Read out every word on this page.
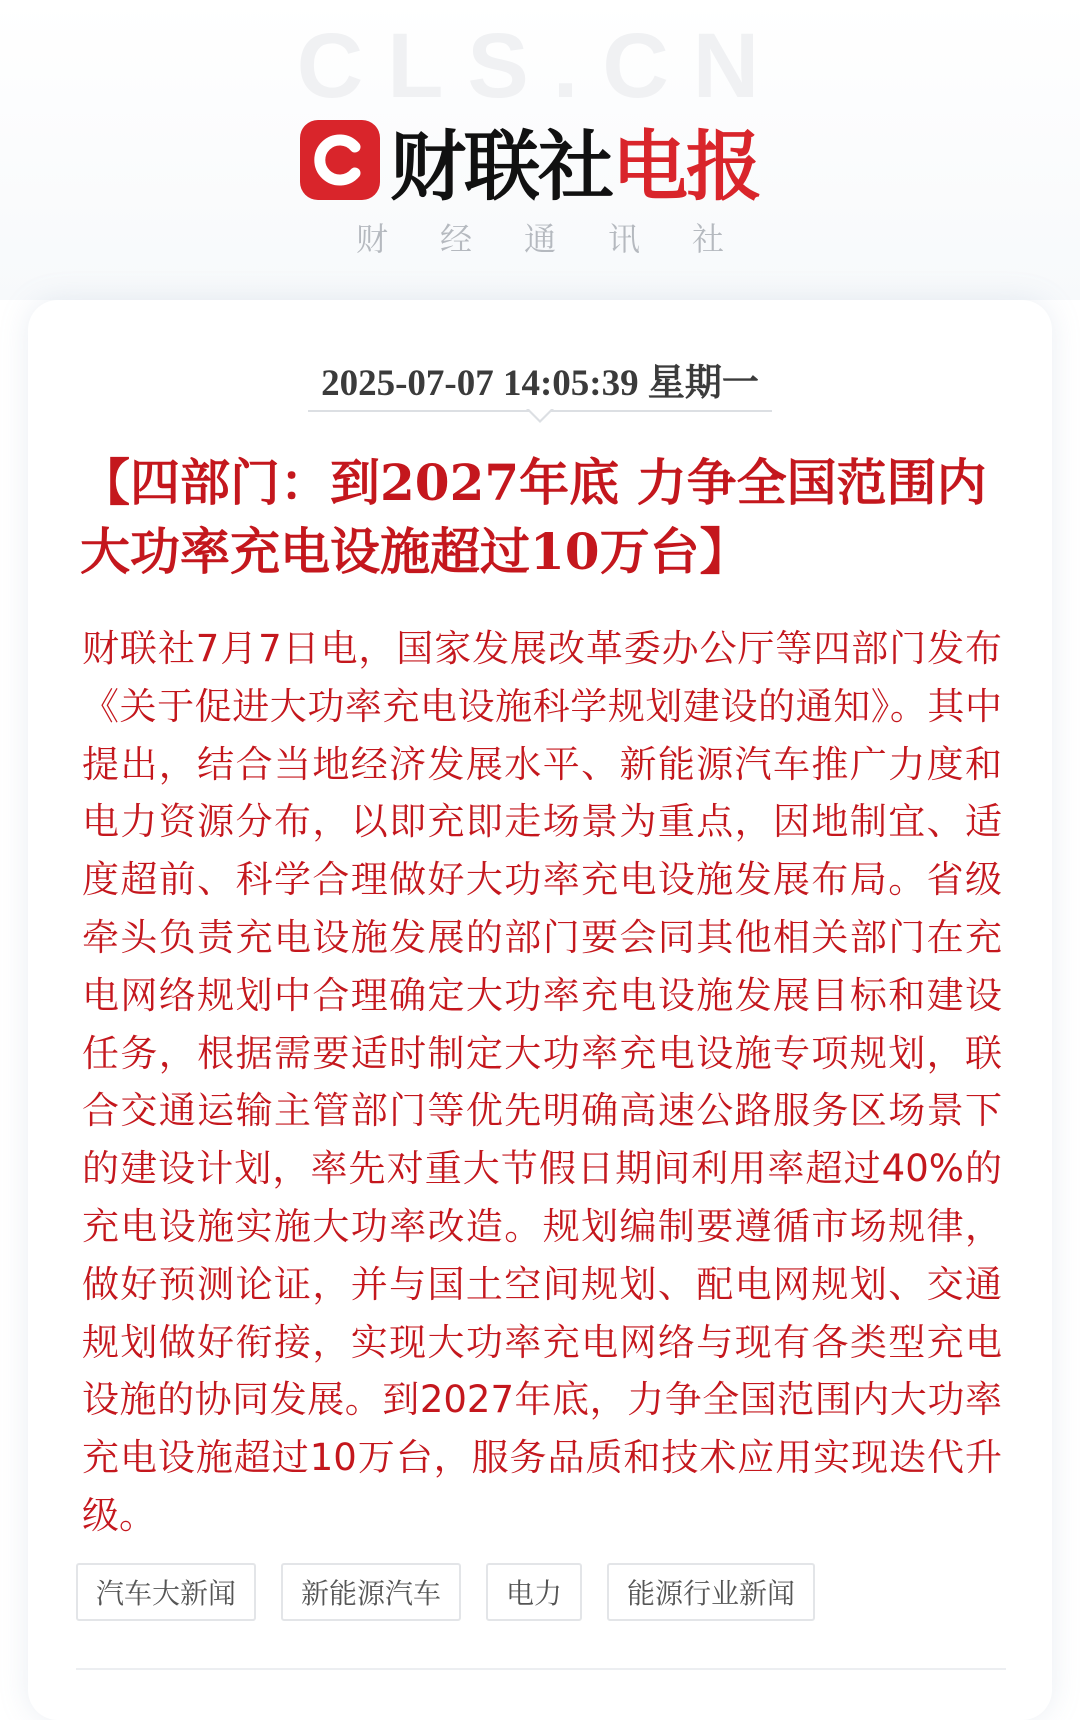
CLS.CN
财联社电报
财经通讯社
2025-07-07 14:05:39 星期一
【四部门：到2027年底 力争全国范围内大功率充电设施超过10万台】

财联社7月7日电，国家发展改革委办公厅等四部门发布《关于促进大功率充电设施科学规划建设的通知》。其中提出，结合当地经济发展水平、新能源汽车推广力度和电力资源分布，以即充即走场景为重点，因地制宜、适度超前、科学合理做好大功率充电设施发展布局。省级牵头负责充电设施发展的部门要会同其他相关部门在充电网络规划中合理确定大功率充电设施发展目标和建设任务，根据需要适时制定大功率充电设施专项规划，联合交通运输主管部门等优先明确高速公路服务区场景下的建设计划，率先对重大节假日期间利用率超过40%的充电设施实施大功率改造。规划编制要遵循市场规律，做好预测论证，并与国土空间规划、配电网规划、交通规划做好衔接，实现大功率充电网络与现有各类型充电设施的协同发展。到2027年底，力争全国范围内大功率充电设施超过10万台，服务品质和技术应用实现迭代升级。

汽车大新闻	新能源汽车	电力	能源行业新闻
